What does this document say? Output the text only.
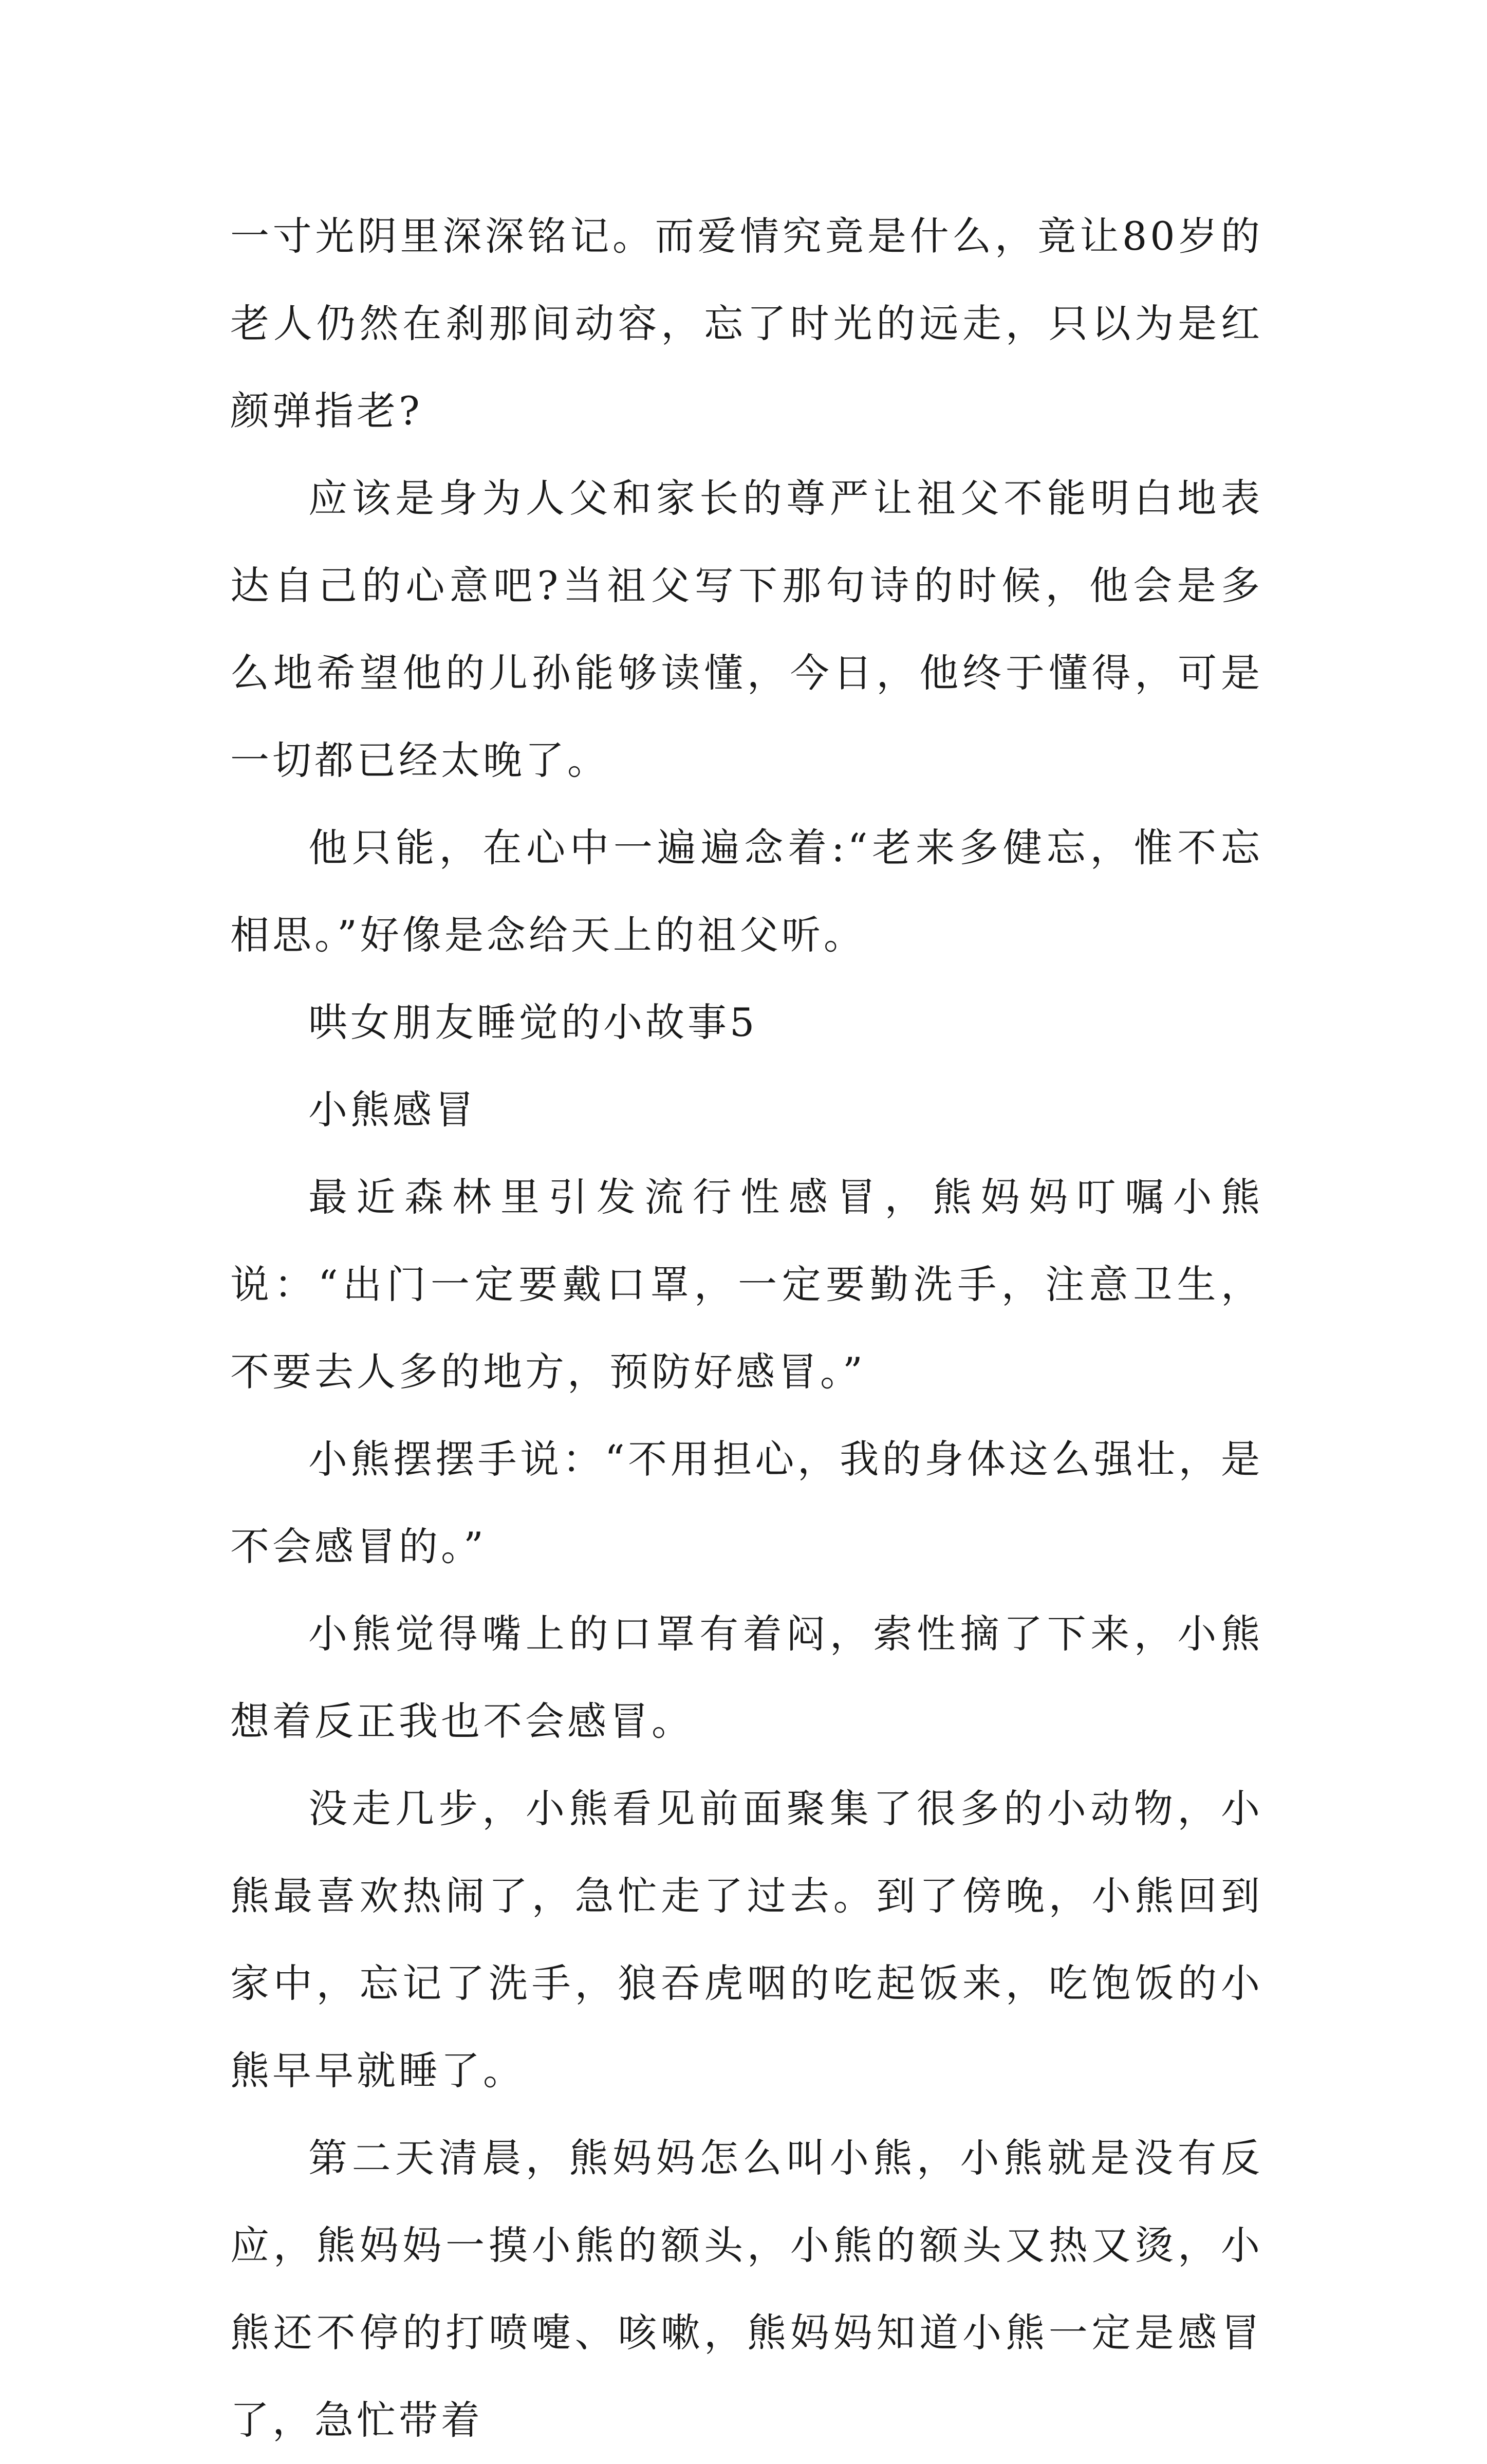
一寸光阴里深深铭记。而爱情究竟是什么，竟让80岁的老人仍然在刹那间动容，忘了时光的远走，只以为是红颜弹指老?

应该是身为人父和家长的尊严让祖父不能明白地表达自己的心意吧?当祖父写下那句诗的时候，他会是多么地希望他的儿孙能够读懂，今日，他终于懂得，可是一切都已经太晚了。

他只能，在心中一遍遍念着:“老来多健忘，惟不忘相思。”好像是念给天上的祖父听。

哄女朋友睡觉的小故事5

小熊感冒

最近森林里引发流行性感冒，熊妈妈叮嘱小熊说：“出门一定要戴口罩，一定要勤洗手，注意卫生，不要去人多的地方，预防好感冒。”

小熊摆摆手说：“不用担心，我的身体这么强壮，是不会感冒的。”

小熊觉得嘴上的口罩有着闷，索性摘了下来，小熊想着反正我也不会感冒。

没走几步，小熊看见前面聚集了很多的小动物，小熊最喜欢热闹了，急忙走了过去。到了傍晚，小熊回到家中，忘记了洗手，狼吞虎咽的吃起饭来，吃饱饭的小熊早早就睡了。

第二天清晨，熊妈妈怎么叫小熊，小熊就是没有反应，熊妈妈一摸小熊的额头，小熊的额头又热又烫，小熊还不停的打喷嚏、咳嗽，熊妈妈知道小熊一定是感冒了，急忙带着
